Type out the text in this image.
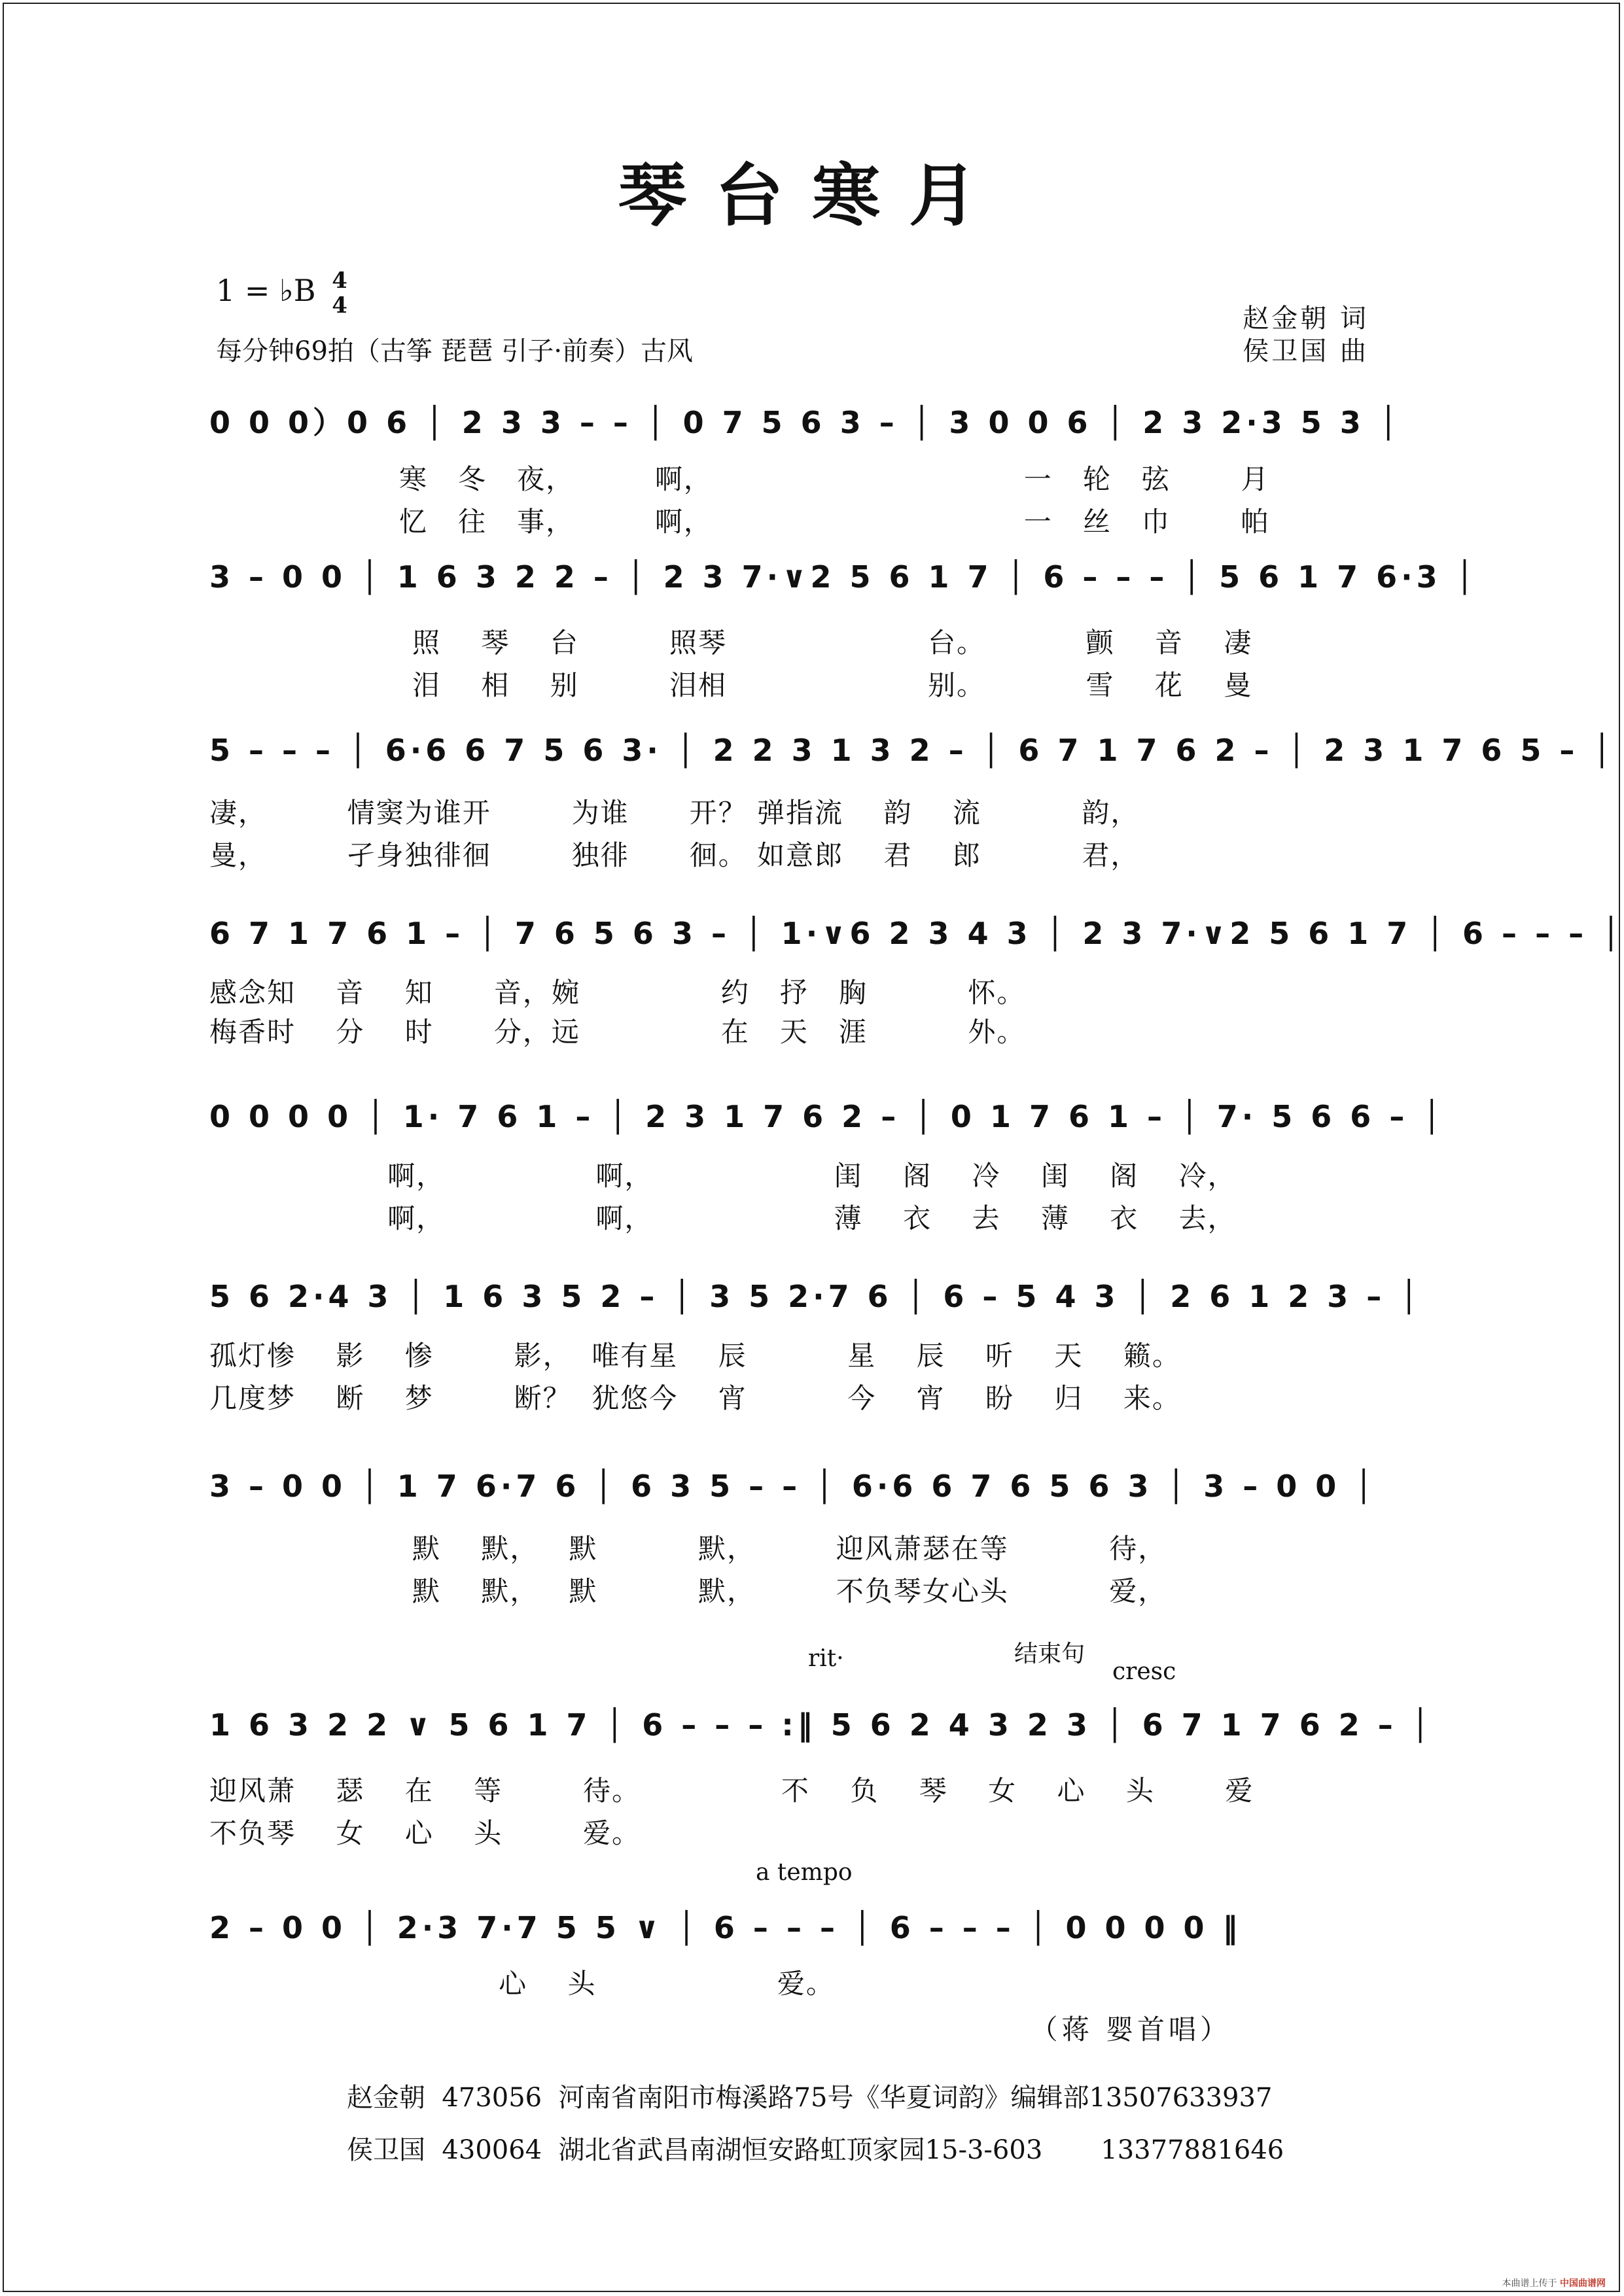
琴台寒月
1 = ♭B 4
4
每分钟69拍（古筝 琵琶 引子·前奏）古风
赵金朝 词
侯卫国 曲
0 0 0）0 6 │ 2 3 3 – – │ 0 7 5 6 3 – │ 3 0 0 6 │ 2 3 2·3 5 3 │
寒   冬   夜，        啊，                               一   轮   弦       月
忆   往   事，        啊，                               一   丝   巾       帕
3 – 0 0 │ 1 6 3 2 2 – │ 2 3 7·∨2 5 6 1 7 │ 6 – – – │ 5 6 1 7 6·3 │
照    琴    台         照琴                    台。          颤    音    凄
泪    相    别         泪相                    别。          雪    花    曼
5 – – – │ 6·6 6 7 5 6 3· │ 2 2 3 1 3 2 – │ 6 7 1 7 6 2 – │ 2 3 1 7 6 5 – │
凄，        情窦为谁开        为谁      开？ 弹指流    韵    流          韵，
曼，        孑身独徘徊        独徘      徊。 如意郎    君    郎          君，
6 7 1 7 6 1 – │ 7 6 5 6 3 – │ 1·∨6 2 3 4 3 │ 2 3 7·∨2 5 6 1 7 │ 6 – – – │
感念知    音    知      音，婉              约   抒   胸          怀。
梅香时    分    时      分，远              在   天   涯          外。
0 0 0 0 │ 1· 7 6 1 – │ 2 3 1 7 6 2 – │ 0 1 7 6 1 – │ 7· 5 6 6 – │
啊，               啊，                  闺    阁    冷    闺    阁    冷，
啊，               啊，                  薄    衣    去    薄    衣    去，
5 6 2·4 3 │ 1 6 3 5 2 – │ 3 5 2·7 6 │ 6 – 5 4 3 │ 2 6 1 2 3 – │
孤灯惨    影    惨        影，  唯有星    辰          星    辰    听    天    籁。
几度梦    断    梦        断？  犹悠今    宵          今    宵    盼    归    来。
3 – 0 0 │ 1 7 6·7 6 │ 6 3 5 – – │ 6·6 6 7 6 5 6 3 │ 3 – 0 0 │
默    默，   默          默，        迎风萧瑟在等          待，
默    默，   默          默，        不负琴女心头          爱，
rit·	结束句
cresc
1 6 3 2 2 ∨ 5 6 1 7 │ 6 – – – :‖ 5 6 2 4 3 2 3 │ 6 7 1 7 6 2 – │
迎风萧    瑟    在    等        待。              不    负    琴    女    心    头       爱
不负琴    女    心    头        爱。
a tempo
2 – 0 0 │ 2·3 7·7 5 5 ∨ │ 6 – – – │ 6 – – – │ 0 0 0 0 ‖
心    头                  爱。
（蒋 婴首唱）
赵金朝  473056  河南省南阳市梅溪路75号《华夏词韵》编辑部13507633937
侯卫国  430064  湖北省武昌南湖恒安路虹顶家园15-3-603       13377881646
本曲谱上传于 中国曲谱网
